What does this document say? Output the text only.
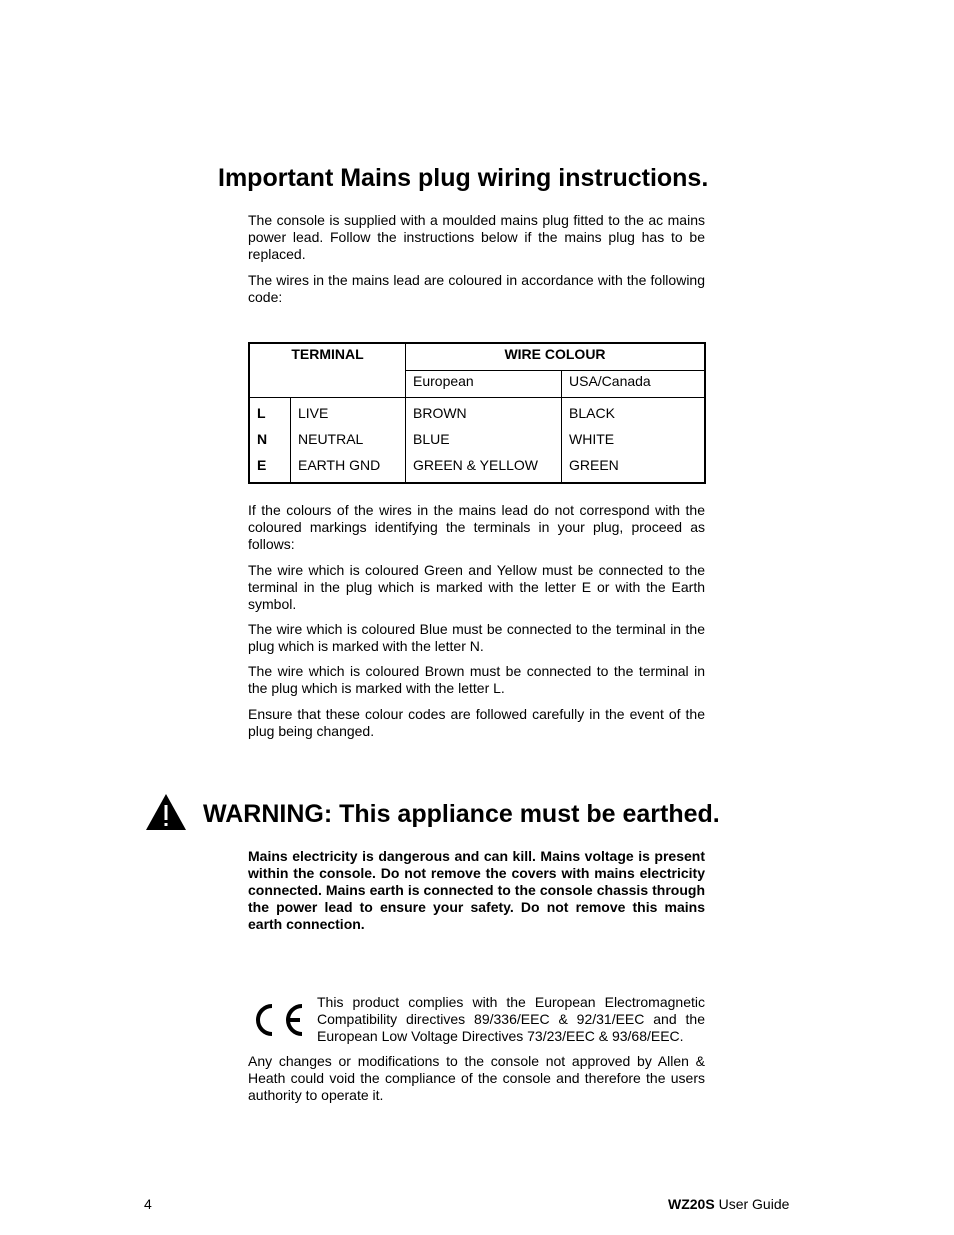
Important Mains plug wiring instructions.

The console is supplied with a moulded mains plug fitted to the ac mains power lead. Follow the instructions below if the mains plug has to be replaced.

The wires in the mains lead are coloured in accordance with the following code:

TERMINAL		WIRE COLOUR	
		European	USA/Canada
L	LIVE	BROWN	BLACK
N	NEUTRAL	BLUE	WHITE
E	EARTH GND	GREEN & YELLOW	GREEN

If the colours of the wires in the mains lead do not correspond with the coloured markings identifying the terminals in your plug, proceed as follows:

The wire which is coloured Green and Yellow must be connected to the terminal in the plug which is marked with the letter E or with the Earth symbol.

The wire which is coloured Blue must be connected to the terminal in the plug which is marked with the letter N.

The wire which is coloured Brown must be connected to the terminal in the plug which is marked with the letter L.

Ensure that these colour codes are followed carefully in the event of the plug being changed.

WARNING: This appliance must be earthed.

Mains electricity is dangerous and can kill. Mains voltage is present within the console. Do not remove the covers with mains electricity connected. Mains earth is connected to the console chassis through the power lead to ensure your safety. Do not remove this mains earth connection.

This product complies with the European Electromagnetic Compatibility directives 89/336/EEC & 92/31/EEC and the European Low Voltage Directives 73/23/EEC & 93/68/EEC.

Any changes or modifications to the console not approved by Allen & Heath could void the compliance of the console and therefore the users authority to operate it.

4	WZ20S User Guide
